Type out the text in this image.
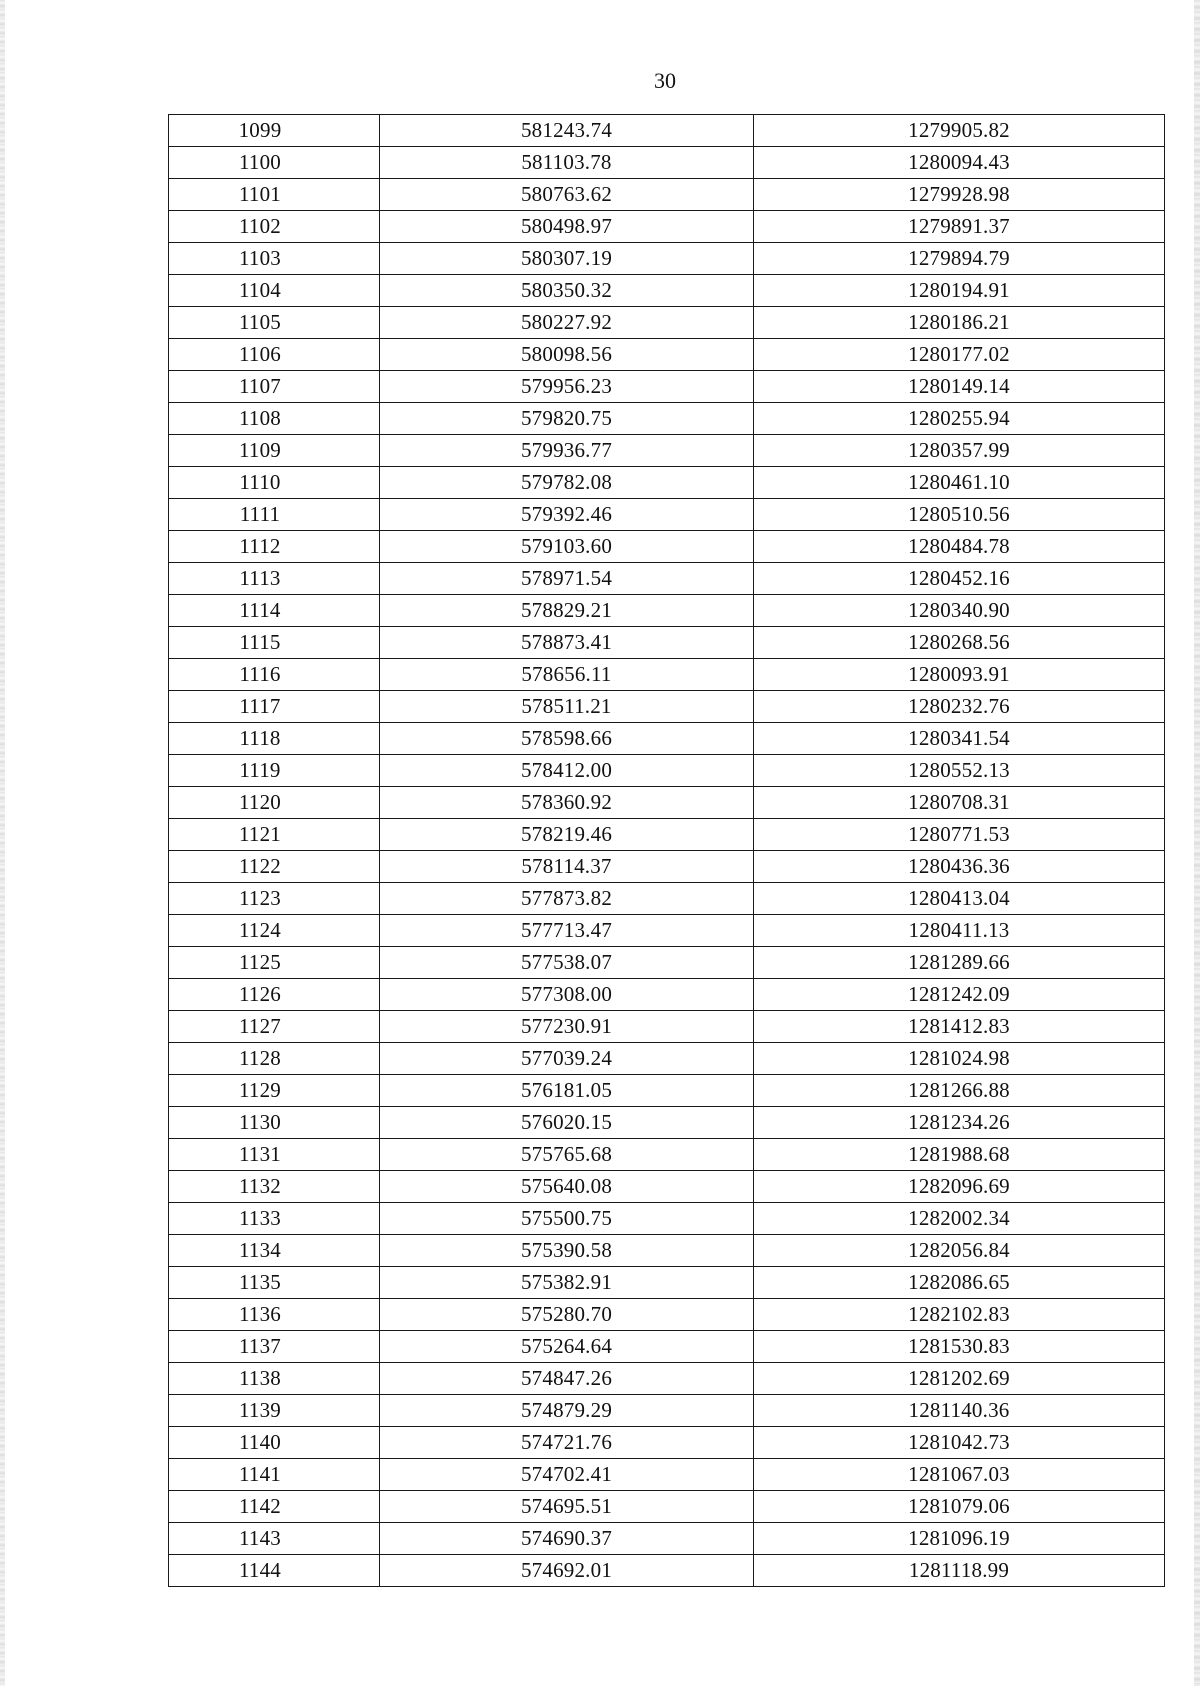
30
1099	581243.74	1279905.82
1100	581103.78	1280094.43
1101	580763.62	1279928.98
1102	580498.97	1279891.37
1103	580307.19	1279894.79
1104	580350.32	1280194.91
1105	580227.92	1280186.21
1106	580098.56	1280177.02
1107	579956.23	1280149.14
1108	579820.75	1280255.94
1109	579936.77	1280357.99
1110	579782.08	1280461.10
1111	579392.46	1280510.56
1112	579103.60	1280484.78
1113	578971.54	1280452.16
1114	578829.21	1280340.90
1115	578873.41	1280268.56
1116	578656.11	1280093.91
1117	578511.21	1280232.76
1118	578598.66	1280341.54
1119	578412.00	1280552.13
1120	578360.92	1280708.31
1121	578219.46	1280771.53
1122	578114.37	1280436.36
1123	577873.82	1280413.04
1124	577713.47	1280411.13
1125	577538.07	1281289.66
1126	577308.00	1281242.09
1127	577230.91	1281412.83
1128	577039.24	1281024.98
1129	576181.05	1281266.88
1130	576020.15	1281234.26
1131	575765.68	1281988.68
1132	575640.08	1282096.69
1133	575500.75	1282002.34
1134	575390.58	1282056.84
1135	575382.91	1282086.65
1136	575280.70	1282102.83
1137	575264.64	1281530.83
1138	574847.26	1281202.69
1139	574879.29	1281140.36
1140	574721.76	1281042.73
1141	574702.41	1281067.03
1142	574695.51	1281079.06
1143	574690.37	1281096.19
1144	574692.01	1281118.99
